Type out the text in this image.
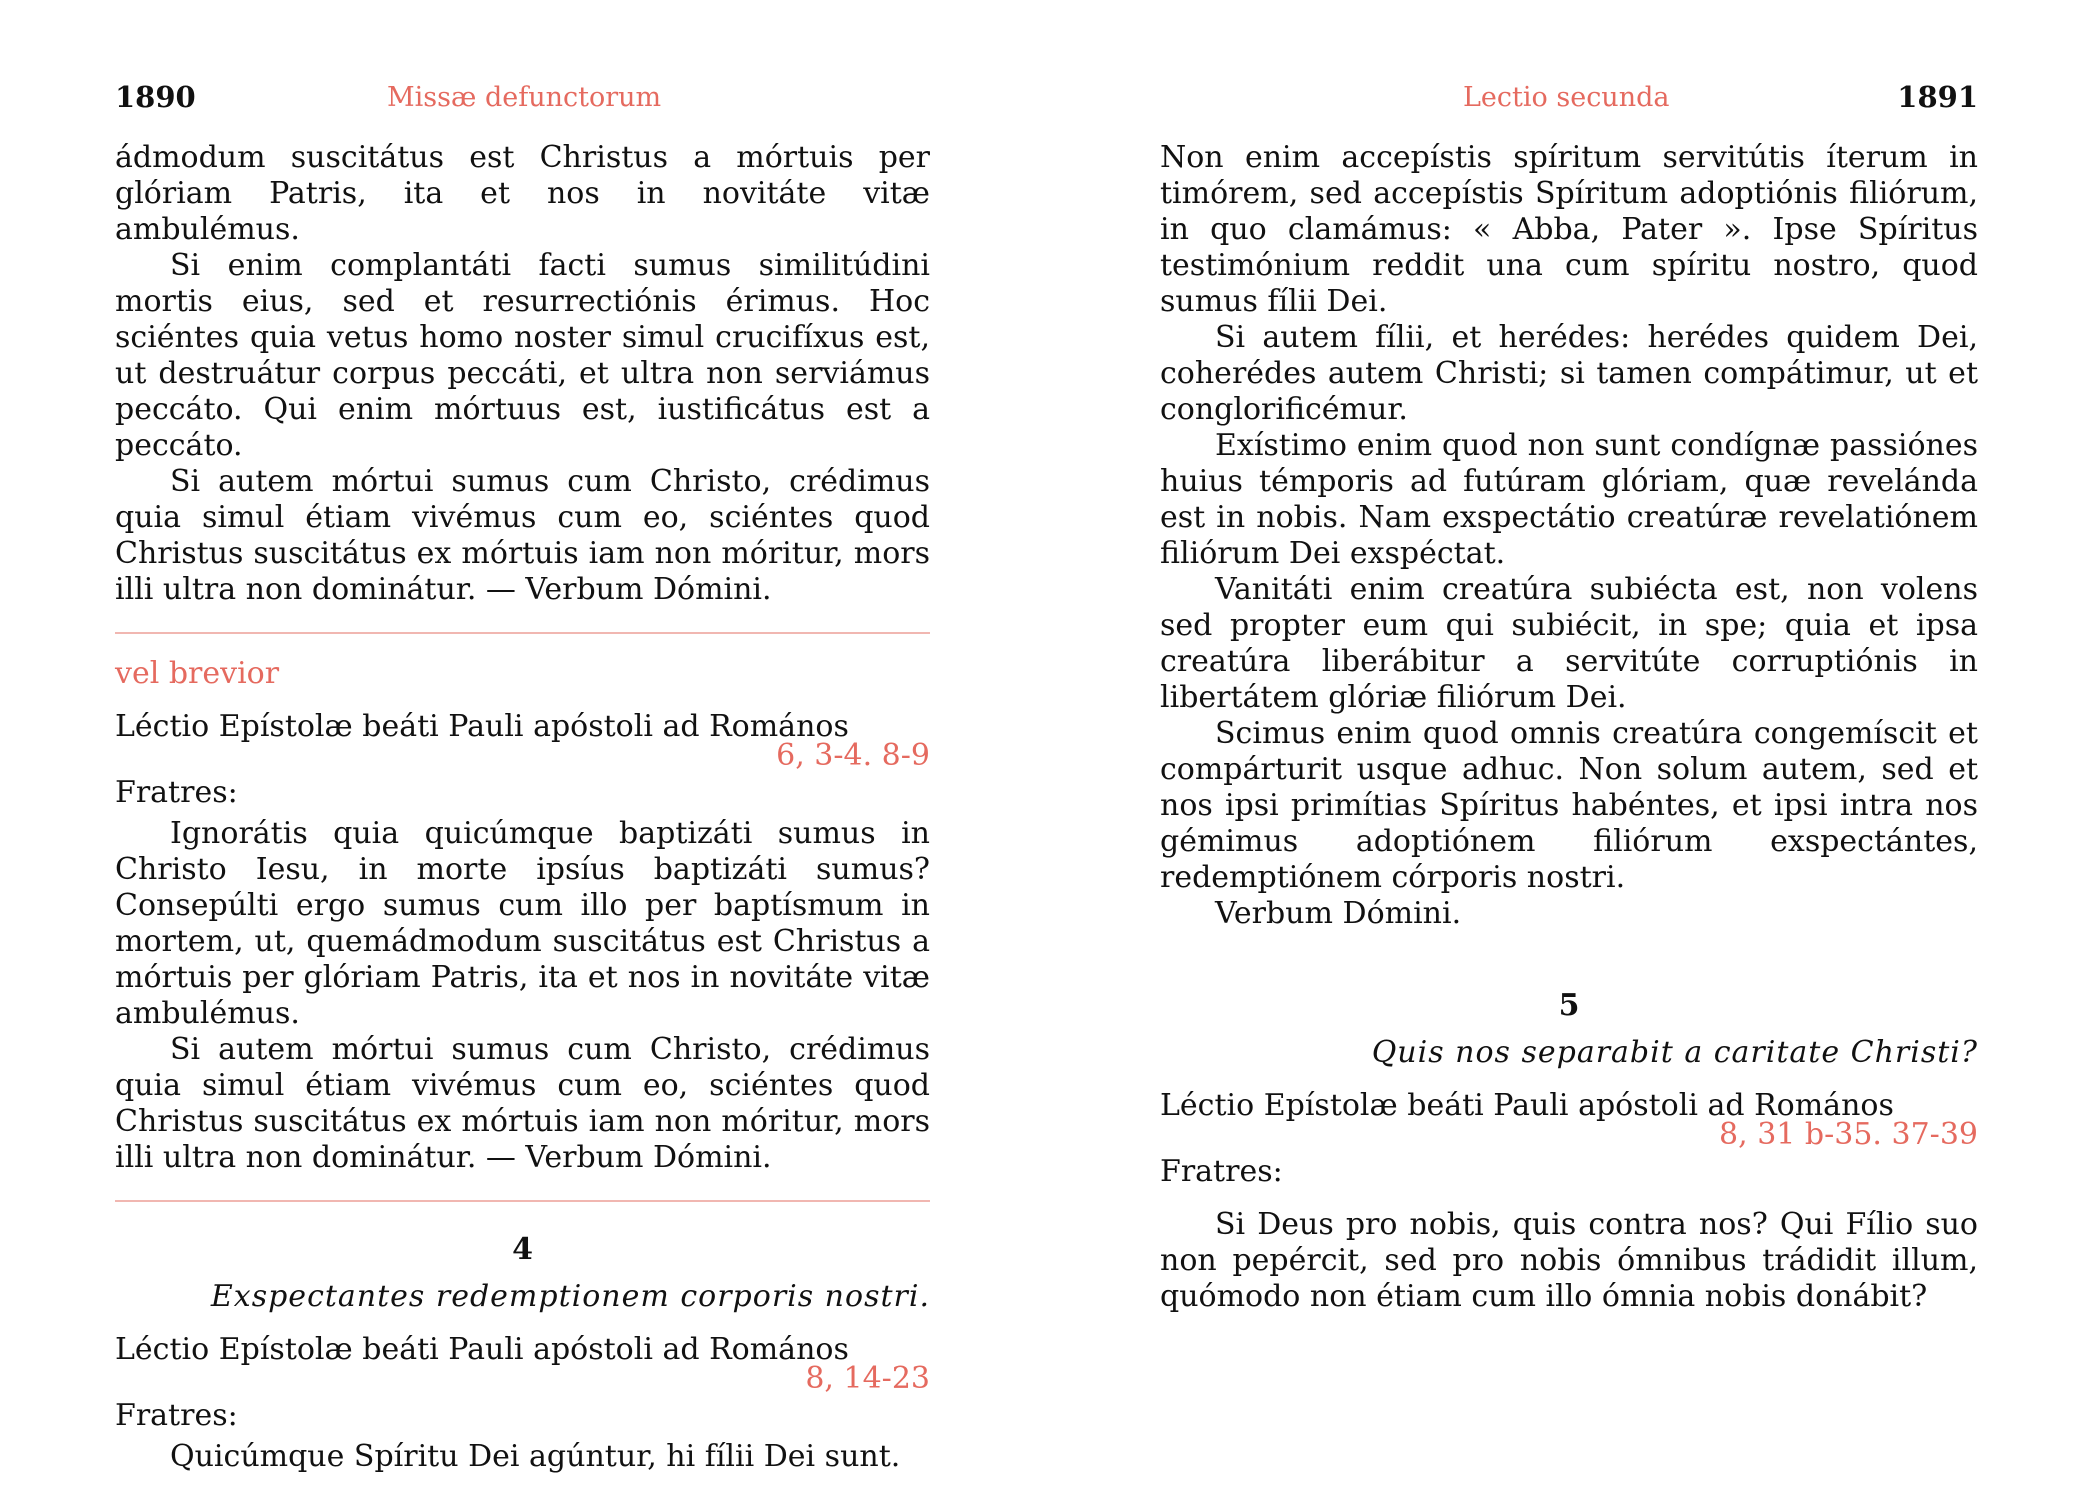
1890	Missæ defunctorum

ádmodum suscitátus est Christus a mórtuis per glóriam Patris, ita et nos in novitáte vitæ ambulémus.

Si enim complantáti facti sumus similitúdini mortis eius, sed et resurrectiónis érimus. Hoc sciéntes quia vetus homo noster simul crucifíxus est, ut destruátur corpus peccáti, et ultra non serviámus peccáto. Qui enim mórtuus est, iustificátus est a peccáto.

Si autem mórtui sumus cum Christo, crédimus quia simul étiam vivémus cum eo, sciéntes quod Christus suscitátus ex mórtuis iam non móritur, mors illi ultra non dominátur. — Verbum Dómini.

vel brevior
Léctio Epístolæ beáti Pauli apóstoli ad Romános
6, 3-4. 8-9
Fratres:

Ignorátis quia quicúmque baptizáti sumus in Christo Iesu, in morte ipsíus baptizáti sumus? Consepúlti ergo sumus cum illo per baptísmum in mortem, ut, quemádmodum suscitátus est Christus a mórtuis per glóriam Patris, ita et nos in novitáte vitæ ambulémus.

Si autem mórtui sumus cum Christo, crédimus quia simul étiam vivémus cum eo, sciéntes quod Christus suscitátus ex mórtuis iam non móritur, mors illi ultra non dominátur. — Verbum Dómini.

4
Exspectantes redemptionem corporis nostri.
Léctio Epístolæ beáti Pauli apóstoli ad Romános
8, 14-23
Fratres:

Quicúmque Spíritu Dei agúntur, hi fílii Dei sunt.

Lectio secunda	1891

Non enim accepístis spíritum servitútis íterum in timórem, sed accepístis Spíritum adoptiónis filiórum, in quo clamámus: « Abba, Pater ». Ipse Spíritus testimónium reddit una cum spíritu nostro, quod sumus fílii Dei.

Si autem fílii, et herédes: herédes quidem Dei, coherédes autem Christi; si tamen compátimur, ut et conglorificémur.

Exístimo enim quod non sunt condígnæ passiónes huius témporis ad futúram glóriam, quæ revelánda est in nobis. Nam exspectátio creatúræ revelatiónem filiórum Dei exspéctat.

Vanitáti enim creatúra subiécta est, non volens sed propter eum qui subiécit, in spe; quia et ipsa creatúra liberábitur a servitúte corruptiónis in libertátem glóriæ filiórum Dei.

Scimus enim quod omnis creatúra congemíscit et compárturit usque adhuc. Non solum autem, sed et nos ipsi primítias Spíritus habéntes, et ipsi intra nos gémimus adoptiónem filiórum exspectántes, redemptiónem córporis nostri.

Verbum Dómini.

5
Quis nos separabit a caritate Christi?
Léctio Epístolæ beáti Pauli apóstoli ad Romános
8, 31 b-35. 37-39
Fratres:

Si Deus pro nobis, quis contra nos? Qui Fílio suo non pepércit, sed pro nobis ómnibus trádidit illum, quómodo non étiam cum illo ómnia nobis donábit?
